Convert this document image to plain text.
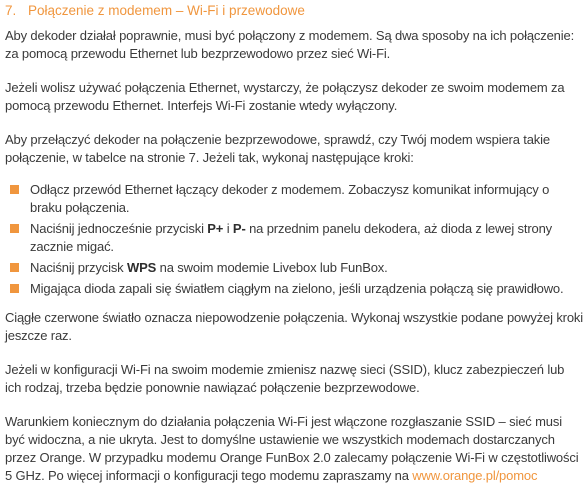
7. Połączenie z modemem – Wi-Fi i przewodowe

Aby dekoder działał poprawnie, musi być połączony z modemem. Są dwa sposoby na ich połączenie: za pomocą przewodu Ethernet lub bezprzewodowo przez sieć Wi-Fi.

Jeżeli wolisz używać połączenia Ethernet, wystarczy, że połączysz dekoder ze swoim modemem za pomocą przewodu Ethernet. Interfejs Wi-Fi zostanie wtedy wyłączony.

Aby przełączyć dekoder na połączenie bezprzewodowe, sprawdź, czy Twój modem wspiera takie połączenie, w tabelce na stronie 7. Jeżeli tak, wykonaj następujące kroki:

Odłącz przewód Ethernet łączący dekoder z modemem. Zobaczysz komunikat informujący o braku połączenia.
Naciśnij jednocześnie przyciski P+ i P- na przednim panelu dekodera, aż dioda z lewej strony zacznie migać.
Naciśnij przycisk WPS na swoim modemie Livebox lub FunBox.
Migająca dioda zapali się światłem ciągłym na zielono, jeśli urządzenia połączą się prawidłowo.

Ciągłe czerwone światło oznacza niepowodzenie połączenia. Wykonaj wszystkie podane powyżej kroki jeszcze raz.

Jeżeli w konfiguracji Wi-Fi na swoim modemie zmienisz nazwę sieci (SSID), klucz zabezpieczeń lub ich rodzaj, trzeba będzie ponownie nawiązać połączenie bezprzewodowe.

Warunkiem koniecznym do działania połączenia Wi-Fi jest włączone rozgłaszanie SSID – sieć musi być widoczna, a nie ukryta. Jest to domyślne ustawienie we wszystkich modemach dostarczanych przez Orange. W przypadku modemu Orange FunBox 2.0 zalecamy połączenie Wi-Fi w częstotliwości 5 GHz. Po więcej informacji o konfiguracji tego modemu zapraszamy na www.orange.pl/pomoc
